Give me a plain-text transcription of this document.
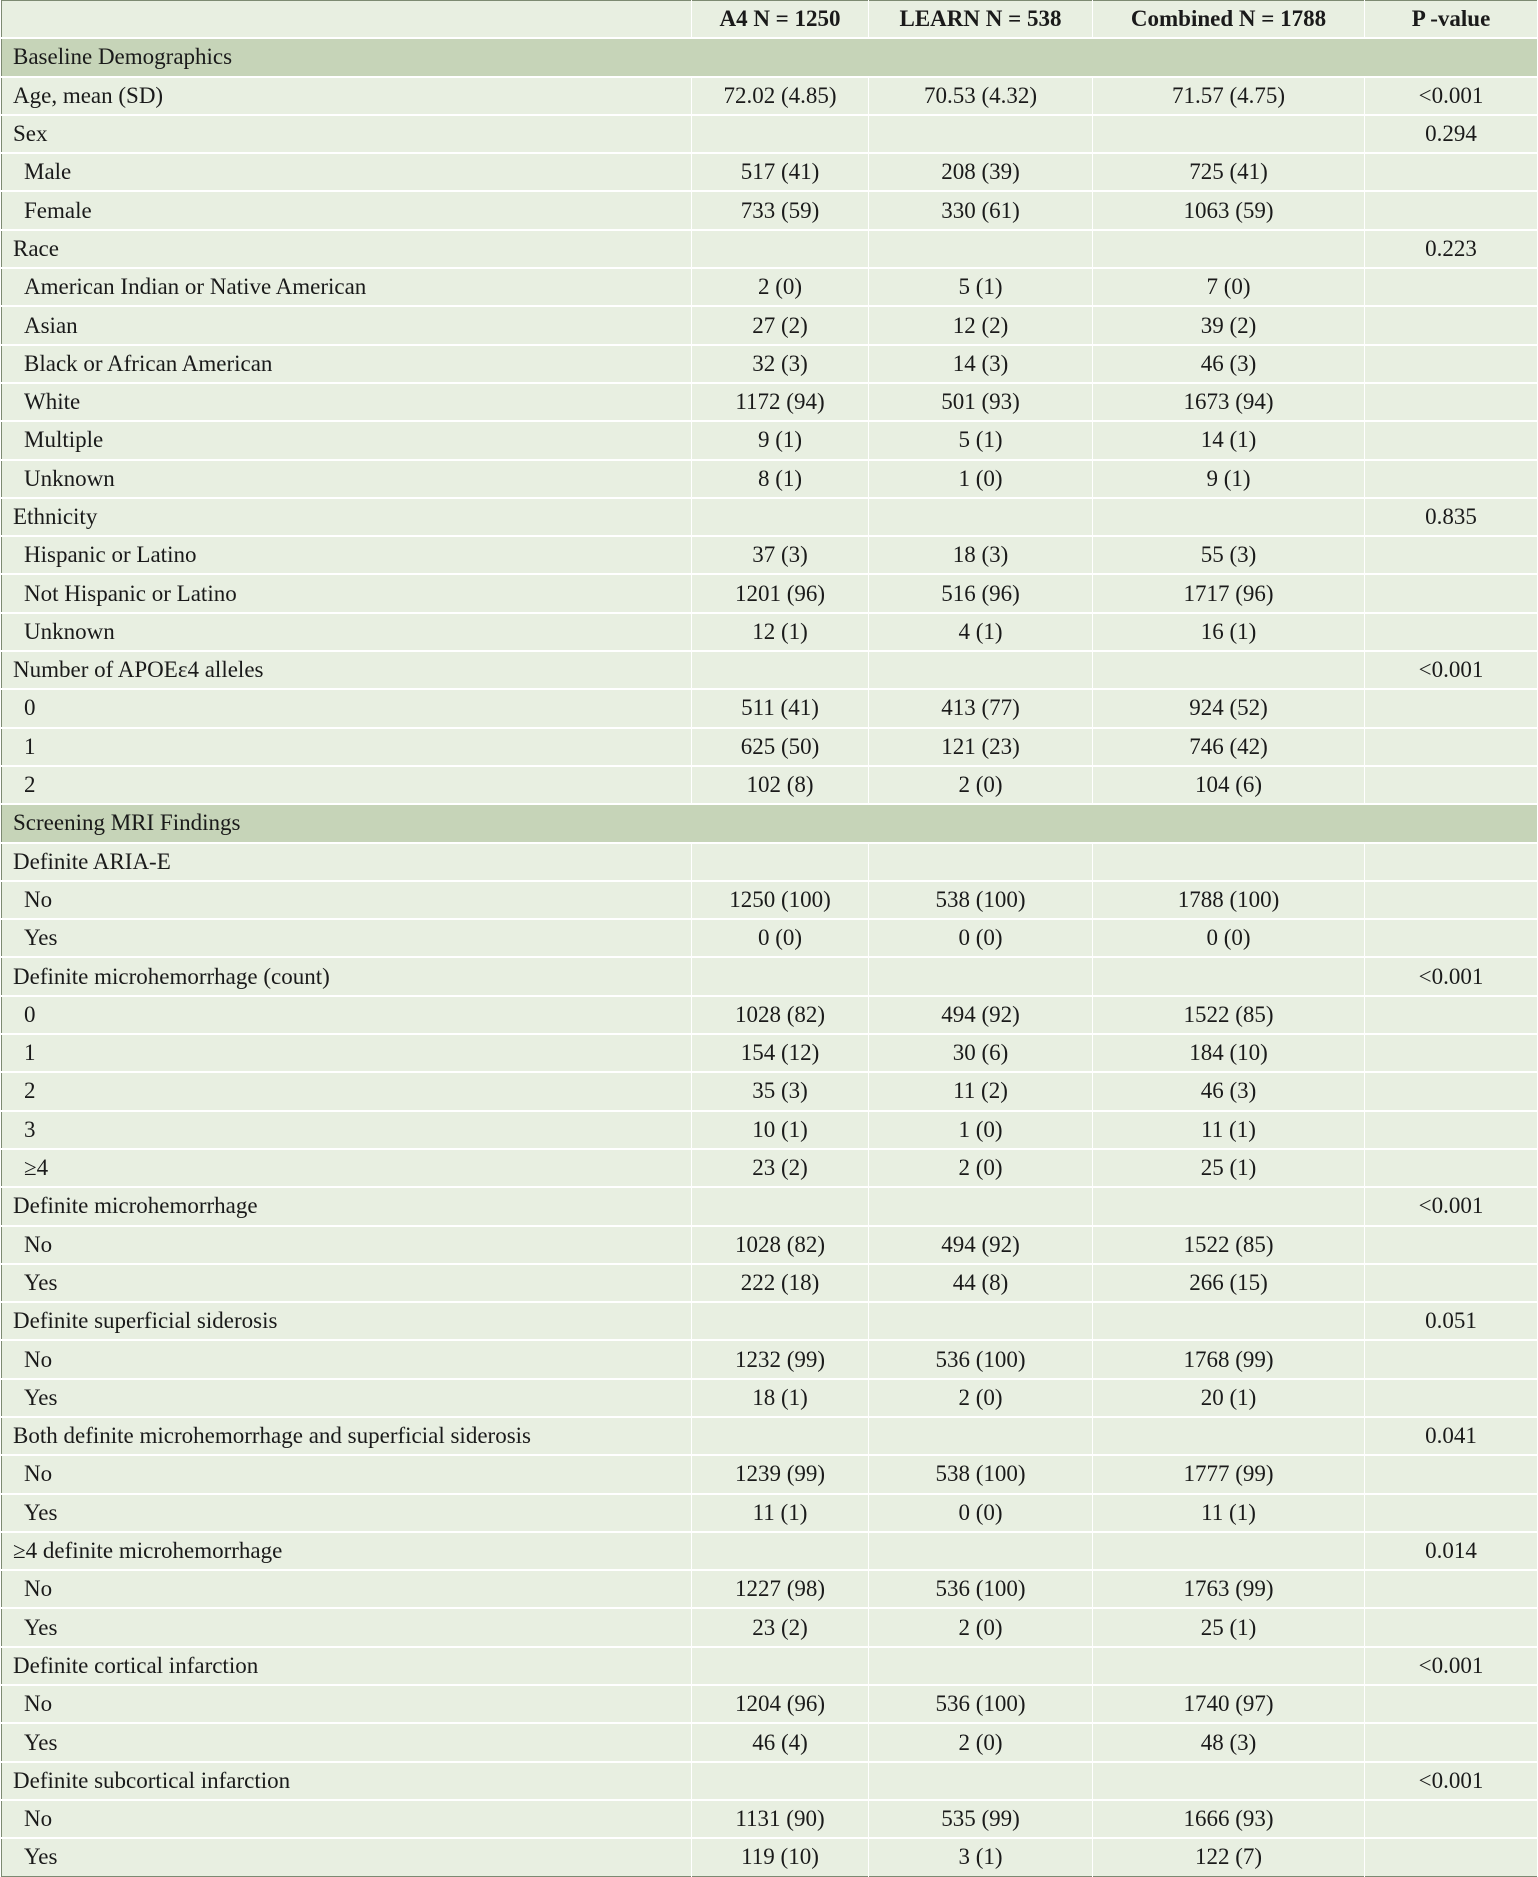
	A4 N = 1250	LEARN N = 538	Combined N = 1788	P -value
Baseline Demographics				
Age, mean (SD)	72.02 (4.85)	70.53 (4.32)	71.57 (4.75)	<0.001
Sex				0.294
Male	517 (41)	208 (39)	725 (41)	
Female	733 (59)	330 (61)	1063 (59)	
Race				0.223
American Indian or Native American	2 (0)	5 (1)	7 (0)	
Asian	27 (2)	12 (2)	39 (2)	
Black or African American	32 (3)	14 (3)	46 (3)	
White	1172 (94)	501 (93)	1673 (94)	
Multiple	9 (1)	5 (1)	14 (1)	
Unknown	8 (1)	1 (0)	9 (1)	
Ethnicity				0.835
Hispanic or Latino	37 (3)	18 (3)	55 (3)	
Not Hispanic or Latino	1201 (96)	516 (96)	1717 (96)	
Unknown	12 (1)	4 (1)	16 (1)	
Number of APOEε4 alleles				<0.001
0	511 (41)	413 (77)	924 (52)	
1	625 (50)	121 (23)	746 (42)	
2	102 (8)	2 (0)	104 (6)	
Screening MRI Findings				
Definite ARIA-E				
No	1250 (100)	538 (100)	1788 (100)	
Yes	0 (0)	0 (0)	0 (0)	
Definite microhemorrhage (count)				<0.001
0	1028 (82)	494 (92)	1522 (85)	
1	154 (12)	30 (6)	184 (10)	
2	35 (3)	11 (2)	46 (3)	
3	10 (1)	1 (0)	11 (1)	
≥4	23 (2)	2 (0)	25 (1)	
Definite microhemorrhage				<0.001
No	1028 (82)	494 (92)	1522 (85)	
Yes	222 (18)	44 (8)	266 (15)	
Definite superficial siderosis				0.051
No	1232 (99)	536 (100)	1768 (99)	
Yes	18 (1)	2 (0)	20 (1)	
Both definite microhemorrhage and superficial siderosis				0.041
No	1239 (99)	538 (100)	1777 (99)	
Yes	11 (1)	0 (0)	11 (1)	
≥4 definite microhemorrhage				0.014
No	1227 (98)	536 (100)	1763 (99)	
Yes	23 (2)	2 (0)	25 (1)	
Definite cortical infarction				<0.001
No	1204 (96)	536 (100)	1740 (97)	
Yes	46 (4)	2 (0)	48 (3)	
Definite subcortical infarction				<0.001
No	1131 (90)	535 (99)	1666 (93)	
Yes	119 (10)	3 (1)	122 (7)	
